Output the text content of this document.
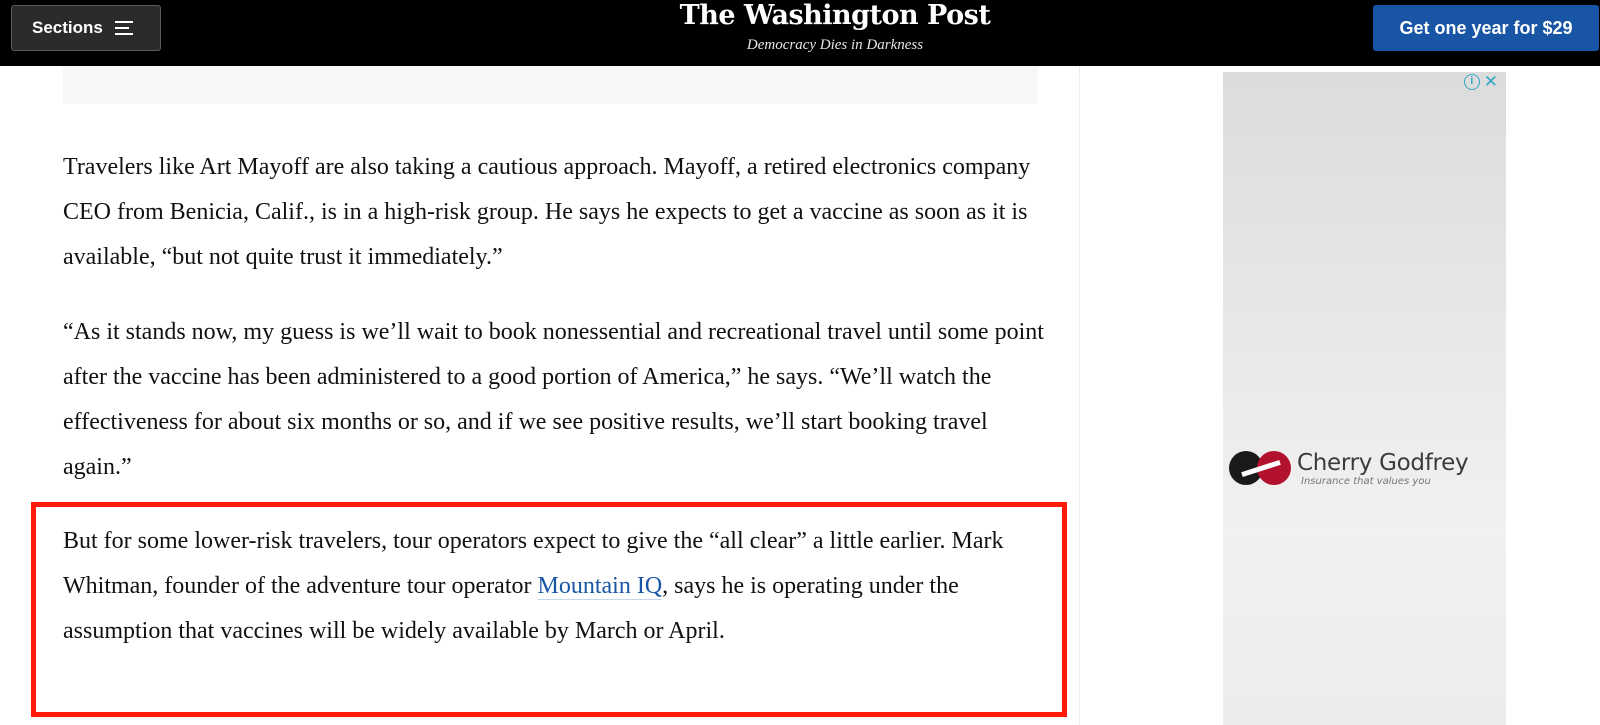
Sections	The Washington Post
Democracy Dies in Darkness
Get one year for $29

Travelers like Art Mayoff are also taking a cautious approach. Mayoff, a retired electronics company CEO from Benicia, Calif., is in a high-risk group. He says he expects to get a vaccine as soon as it is available, “but not quite trust it immediately.”

“As it stands now, my guess is we’ll wait to book nonessential and recreational travel until some point after the vaccine has been administered to a good portion of America,” he says. “We’ll watch the effectiveness for about six months or so, and if we see positive results, we’ll start booking travel again.”

But for some lower-risk travelers, tour operators expect to give the “all clear” a little earlier. Mark Whitman, founder of the adventure tour operator Mountain IQ, says he is operating under the assumption that vaccines will be widely available by March or April.

i ✕
Cherry Godfrey
Insurance that values you
